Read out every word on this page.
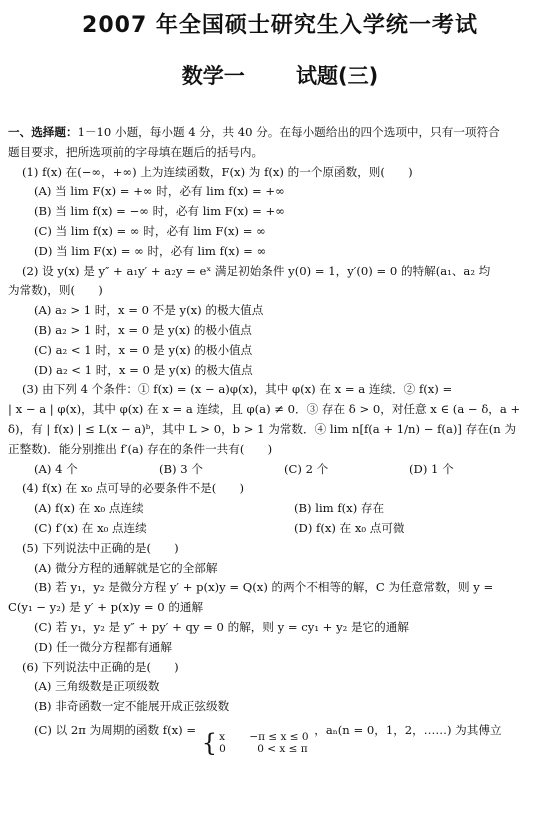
2007 年全国硕士研究生入学统一考试
数学一 试题(三)
一、选择题：1－10 小题，每小题 4 分，共 40 分。在每小题给出的四个选项中，只有一项符合
题目要求，把所选项前的字母填在题后的括号内。
(1) f(x) 在(−∞，+∞) 上为连续函数，F(x) 为 f(x) 的一个原函数，则(　　)
(A) 当 lim F(x) = +∞ 时，必有 lim f(x) = +∞
(B) 当 lim f(x) = −∞ 时，必有 lim F(x) = +∞
(C) 当 lim f(x) = ∞ 时，必有 lim F(x) = ∞
(D) 当 lim F(x) = ∞ 时，必有 lim f(x) = ∞
(2) 设 y(x) 是 y″ + a₁y′ + a₂y = eˣ 满足初始条件 y(0) = 1，y′(0) = 0 的特解(a₁、a₂ 均
为常数)，则(　　)
(A) a₂ > 1 时，x = 0 不是 y(x) 的极大值点
(B) a₂ > 1 时，x = 0 是 y(x) 的极小值点
(C) a₂ < 1 时，x = 0 是 y(x) 的极小值点
(D) a₂ < 1 时，x = 0 是 y(x) 的极大值点
(3) 由下列 4 个条件：① f(x) = (x − a)φ(x)，其中 φ(x) 在 x = a 连续．② f(x) =
| x − a | φ(x)，其中 φ(x) 在 x = a 连续，且 φ(a) ≠ 0．③ 存在 δ > 0，对任意 x ∈ (a − δ，a +
δ)，有 | f(x) | ≤ L(x − a)ᵇ，其中 L > 0，b > 1 为常数．④ lim n[f(a + 1/n) − f(a)] 存在(n 为
正整数)．能分别推出 f′(a) 存在的条件一共有(　　)
(A) 4 个	(B) 3 个	(C) 2 个	(D) 1 个
(4) f(x) 在 x₀ 点可导的必要条件不是(　　)
(A) f(x) 在 x₀ 点连续	(B) lim f(x) 存在
(C) f′(x) 在 x₀ 点连续	(D) f(x) 在 x₀ 点可微
(5) 下列说法中正确的是(　　)
(A) 微分方程的通解就是它的全部解
(B) 若 y₁，y₂ 是微分方程 y′ + p(x)y = Q(x) 的两个不相等的解，C 为任意常数，则 y =
C(y₁ − y₂) 是 y′ + p(x)y = 0 的通解
(C) 若 y₁，y₂ 是 y″ + py′ + qy = 0 的解，则 y = cy₁ + y₂ 是它的通解
(D) 任一微分方程都有通解
(6) 下列说法中正确的是(　　)
(A) 三角级数是正项级数
(B) 非奇函数一定不能展开成正弦级数
(C) 以 2π 为周期的函数 f(x) = { x　　 −π ≤ x ≤ 0
0　　　0 < x ≤ π ，aₙ(n = 0，1，2，……) 为其傅立
